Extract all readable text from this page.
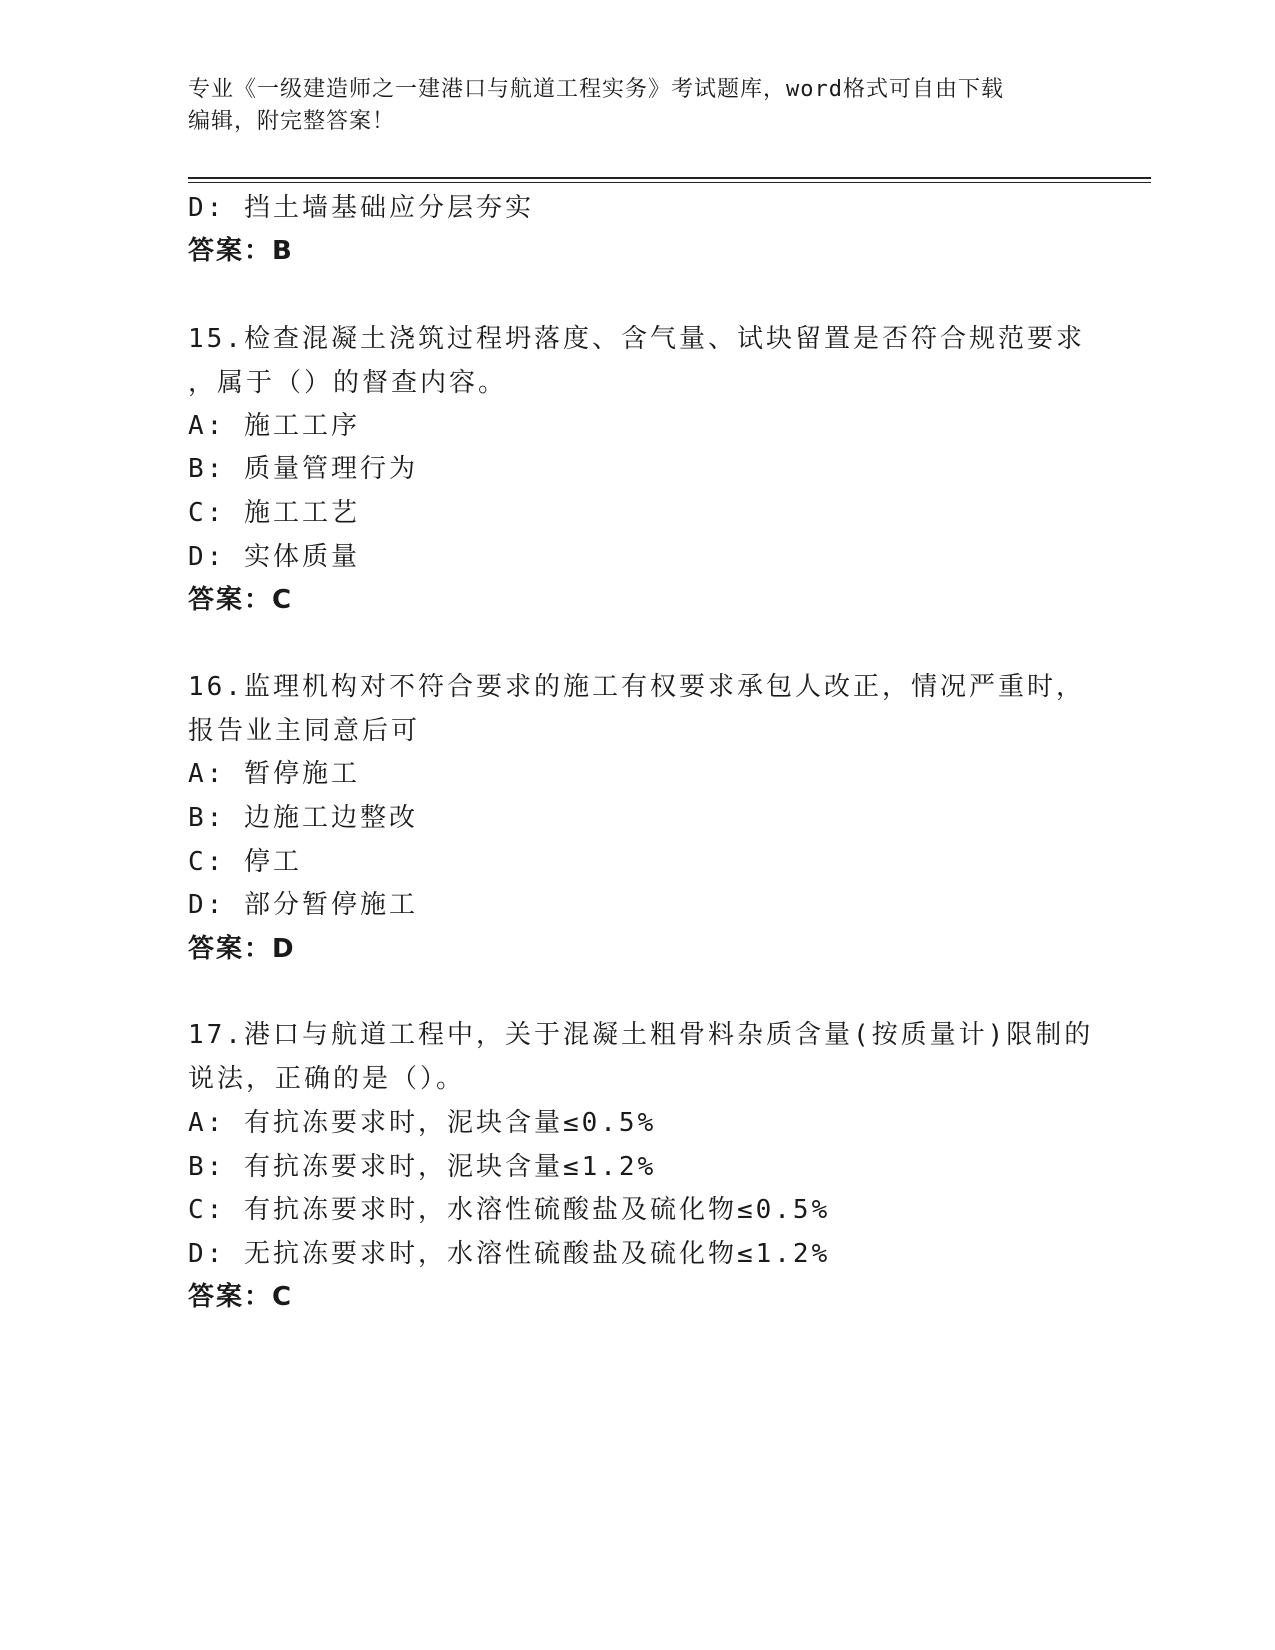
专业《一级建造师之一建港口与航道工程实务》考试题库，word格式可自由下载
编辑，附完整答案！
D: 挡土墙基础应分层夯实
答案：B
15.检查混凝土浇筑过程坍落度、含气量、试块留置是否符合规范要求
，属于（）的督查内容。
A: 施工工序
B: 质量管理行为
C: 施工工艺
D: 实体质量
答案：C
16.监理机构对不符合要求的施工有权要求承包人改正，情况严重时，
报告业主同意后可
A: 暂停施工
B: 边施工边整改
C: 停工
D: 部分暂停施工
答案：D
17.港口与航道工程中，关于混凝土粗骨料杂质含量(按质量计)限制的
说法，正确的是（）。
A: 有抗冻要求时，泥块含量≤0.5%
B: 有抗冻要求时，泥块含量≤1.2%
C: 有抗冻要求时，水溶性硫酸盐及硫化物≤0.5%
D: 无抗冻要求时，水溶性硫酸盐及硫化物≤1.2%
答案：C
